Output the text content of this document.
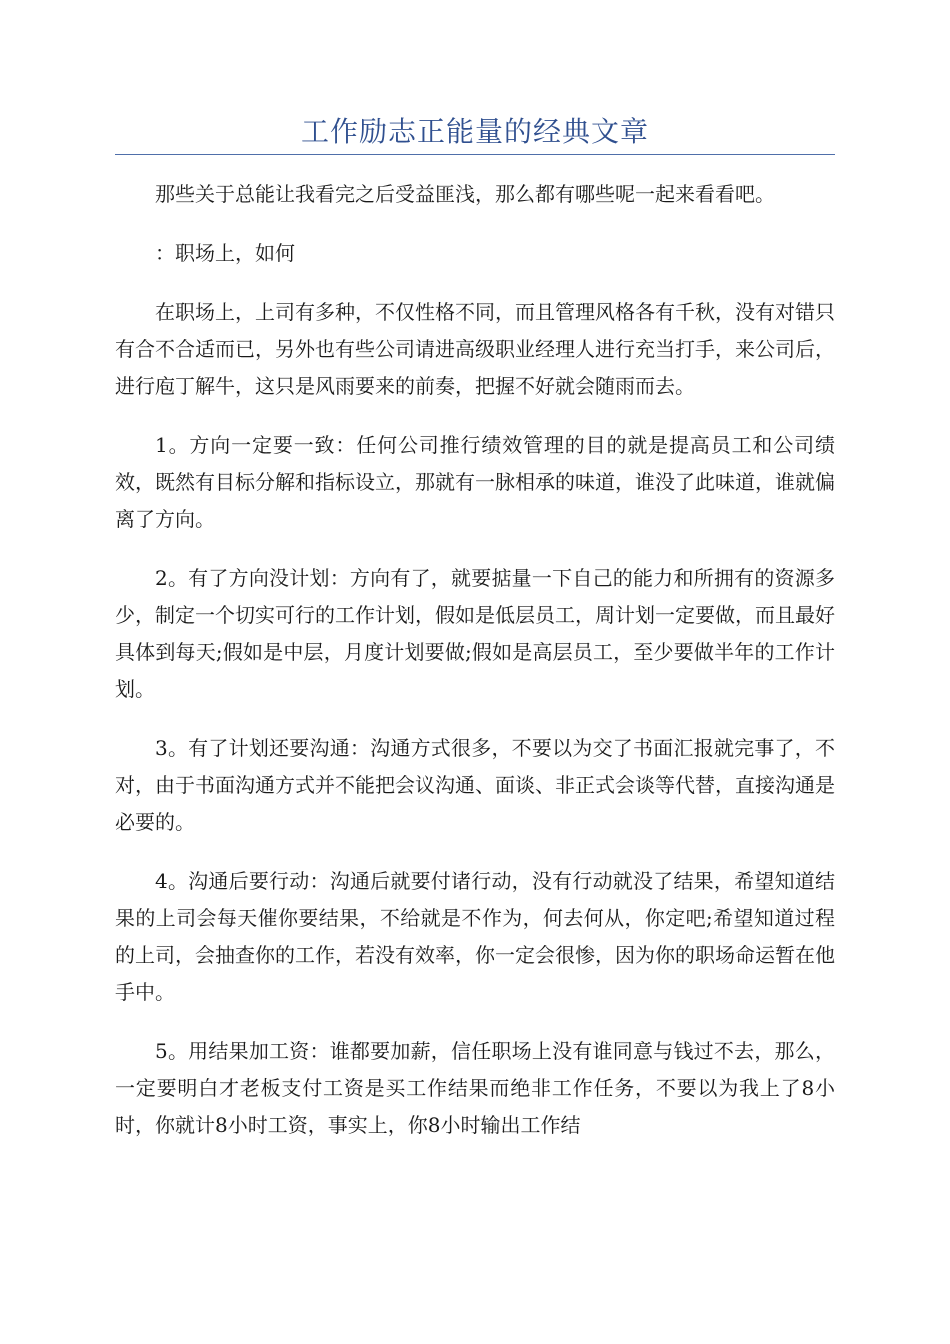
工作励志正能量的经典文章

那些关于总能让我看完之后受益匪浅，那么都有哪些呢一起来看看吧。

：职场上，如何

在职场上，上司有多种，不仅性格不同，而且管理风格各有千秋，没有对错只有合不合适而已，另外也有些公司请进高级职业经理人进行充当打手，来公司后，进行庖丁解牛，这只是风雨要来的前奏，把握不好就会随雨而去。

1。方向一定要一致：任何公司推行绩效管理的目的就是提高员工和公司绩效，既然有目标分解和指标设立，那就有一脉相承的味道，谁没了此味道，谁就偏离了方向。

2。有了方向没计划：方向有了，就要掂量一下自己的能力和所拥有的资源多少，制定一个切实可行的工作计划，假如是低层员工，周计划一定要做，而且最好具体到每天;假如是中层，月度计划要做;假如是高层员工，至少要做半年的工作计划。

3。有了计划还要沟通：沟通方式很多，不要以为交了书面汇报就完事了，不对，由于书面沟通方式并不能把会议沟通、面谈、非正式会谈等代替，直接沟通是必要的。

4。沟通后要行动：沟通后就要付诸行动，没有行动就没了结果，希望知道结果的上司会每天催你要结果，不给就是不作为，何去何从，你定吧;希望知道过程的上司，会抽查你的工作，若没有效率，你一定会很惨，因为你的职场命运暂在他手中。

5。用结果加工资：谁都要加薪，信任职场上没有谁同意与钱过不去，那么，一定要明白才老板支付工资是买工作结果而绝非工作任务，不要以为我上了8小时，你就计8小时工资，事实上，你8小时输出工作结
